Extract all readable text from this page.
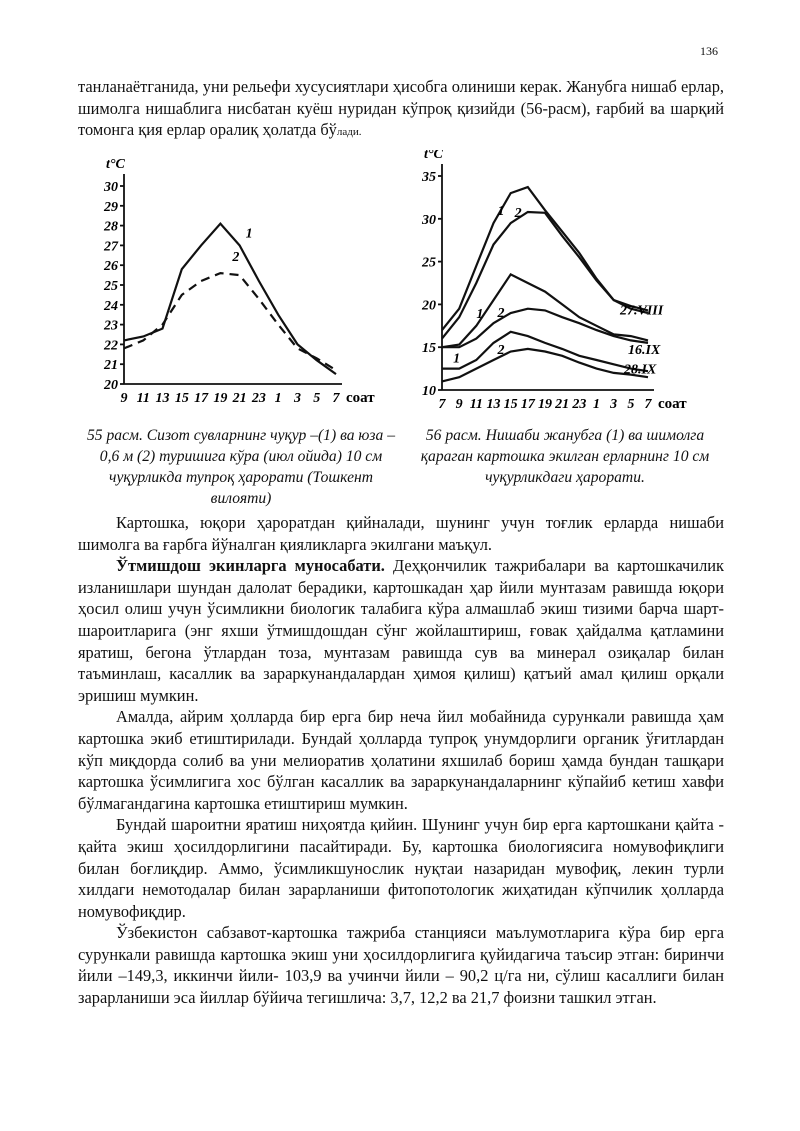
136

танланаётганида, уни рельефи хусусиятлари ҳисобга олиниши керак. Жанубга нишаб ерлар, шимолга нишаблига нисбатан куёш нуридан кўпроқ қизийди (56-расм), ғарбий ва шарқий томонга қия ерлар оралиқ ҳолатда бўлади.

t°C
20
21
22
23
24
25
26
27
28
29
30
9 11 13 15 17 19 21 23 1 3 5 7 соат
1
2
55 расм. Сизот сувларнинг чуқур –(1) ва юза – 0,6 м (2) туришига кўра (июл ойида) 10 см чуқурликда тупроқ ҳарорати (Тошкент вилояти)
t°C
10
15
20
25
30
35
7 9 11 13 15 17 19 21 23 1 3 5 7 соат
1 2
1 2
1
2
27.VIII
16.IX
28.IX
56 расм. Нишаби жанубга (1) ва шимолга қараган картошка экилган ерларнинг 10 см чуқурликдаги ҳарорати.

Картошка, юқори ҳароратдан қийналади, шунинг учун тоғлик ерларда нишаби шимолга ва ғарбга йўналган қияликларга экилгани маъқул.

Ўтмишдош экинларга муносабати. Деҳқончилик тажрибалари ва картошкачилик изланишлари шундан далолат берадики, картошкадан ҳар йили мунтазам равишда юқори ҳосил олиш учун ўсимликни биологик талабига кўра алмашлаб экиш тизими барча шарт-шароитларига (энг яхши ўтмишдошдан сўнг жойлаштириш, ғовак ҳайдалма қатламини яратиш, бегона ўтлардан тоза, мунтазам равишда сув ва минерал озиқалар билан таъминлаш, касаллик ва зараркунандалардан ҳимоя қилиш) қатъий амал қилиш орқали эришиш мумкин.

Амалда, айрим ҳолларда бир ерга бир неча йил мобайнида сурункали равишда ҳам картошка экиб етиштирилади. Бундай ҳолларда тупроқ унумдорлиги органик ўғитлардан кўп миқдорда солиб ва уни мелиоратив ҳолатини яхшилаб бориш ҳамда бундан ташқари картошка ўсимлигига хос бўлган касаллик ва зараркунандаларнинг кўпайиб кетиш хавфи бўлмагандагина картошка етиштириш мумкин.

Бундай шароитни яратиш ниҳоятда қийин. Шунинг учун бир ерга картошкани қайта - қайта экиш ҳосилдорлигини пасайтиради. Бу, картошка биологиясига номувофиқлиги билан боғлиқдир. Аммо, ўсимликшунослик нуқтаи назаридан мувофиқ, лекин турли хилдаги немотодалар билан зарарланиши фитопотологик жиҳатидан кўпчилик ҳолларда номувофиқдир.

Ўзбекистон сабзавот-картошка тажриба станцияси маълумотларига кўра бир ерга сурункали равишда картошка экиш уни ҳосилдорлигига қуйидагича таъсир этган: биринчи йили –149,3, иккинчи йили- 103,9 ва учинчи йили – 90,2 ц/га ни, сўлиш касаллиги билан зарарланиши эса йиллар бўйича тегишлича: 3,7, 12,2 ва 21,7 фоизни ташкил этган.
